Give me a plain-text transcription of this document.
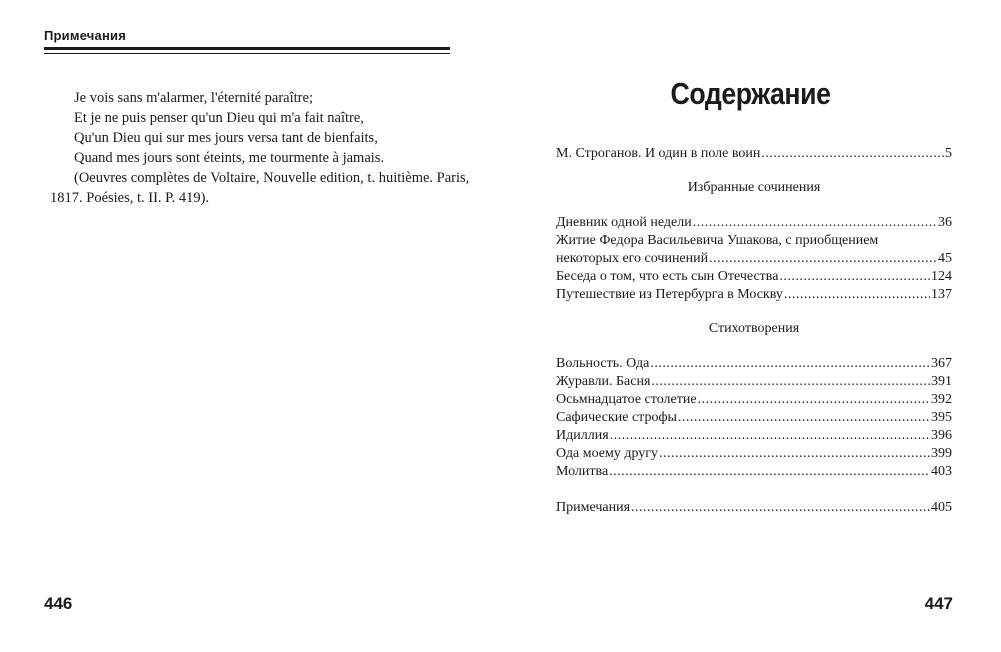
Примечания
Je vois sans m'alarmer, l'éternité paraître;
Et je ne puis penser qu'un Dieu qui m'a fait naître,
Qu'un Dieu qui sur mes jours versa tant de bienfaits,
Quand mes jours sont éteints, me tourmente à jamais.
(Oeuvres complètes de Voltaire, Nouvelle edition, t. huitième. Paris, 1817. Poésies, t. II. P. 419).
446
Содержание
М. Строганов. И один в поле воин .....	5
Избранные сочинения
Дневник одной недели .....	36
Житие Федора Васильевича Ушакова, с приобщением
некоторых его сочинений .....	45
Беседа о том, что есть сын Отечества .....	124
Путешествие из Петербурга в Москву .....	137
Стихотворения
Вольность. Ода .....	367
Журавли. Басня .....	391
Осьмнадцатое столетие .....	392
Сафические строфы .....	395
Идиллия .....	396
Ода моему другу .....	399
Молитва .....	403
Примечания .....	405
447
